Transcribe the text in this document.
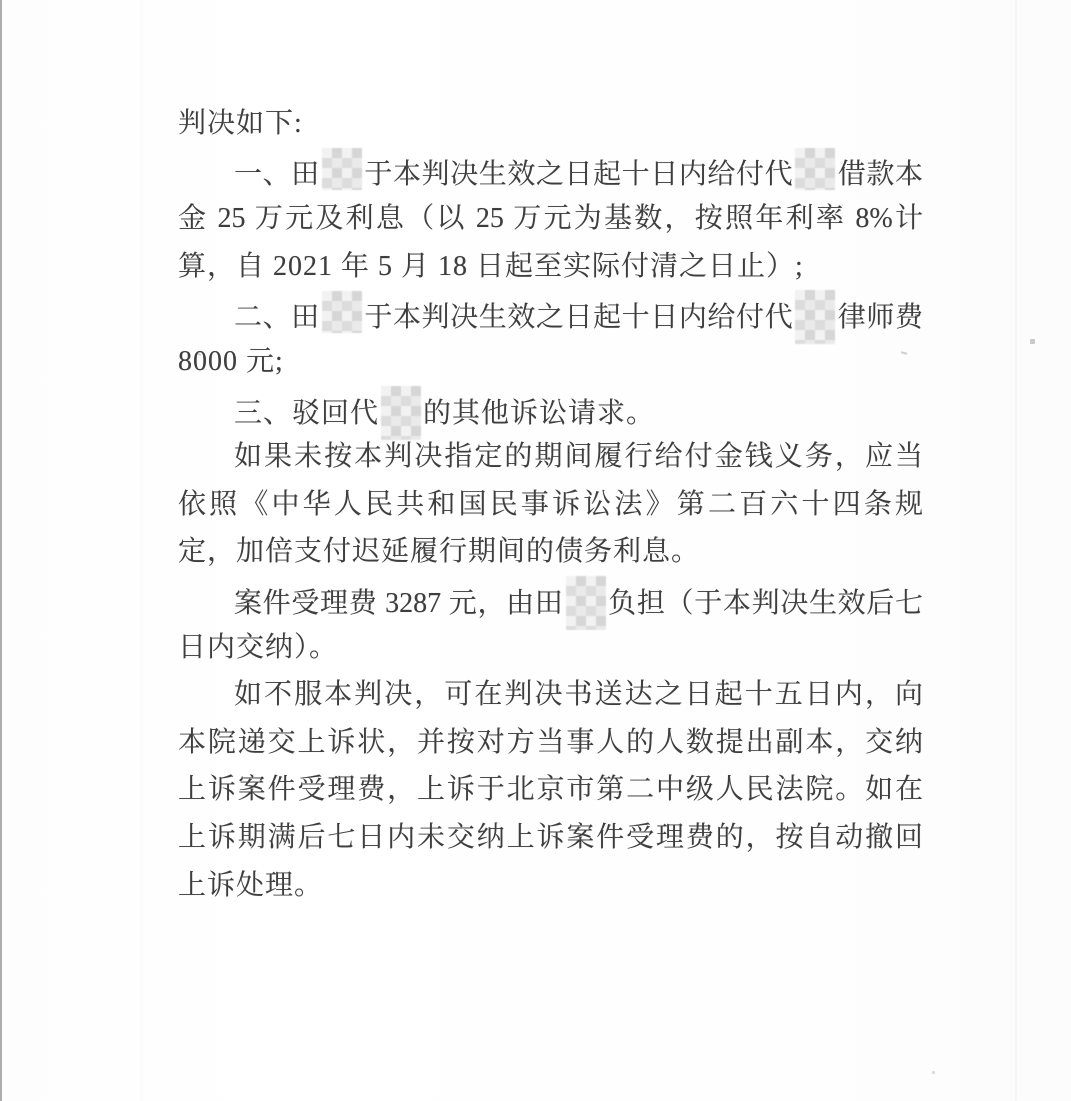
判决如下:
一、田 于本判决生效之日起十日内给付代 借款本
金 25 万元及利息（以 25 万元为基数，按照年利率 8%计
算，自 2021 年 5 月 18 日起至实际付清之日止）;
二、田 于本判决生效之日起十日内给付代 律师费
8000 元;
三、驳回代 的其他诉讼请求。
如果未按本判决指定的期间履行给付金钱义务，应当
依照《中华人民共和国民事诉讼法》第二百六十四条规
定，加倍支付迟延履行期间的债务利息。
案件受理费 3287 元，由田 负担（于本判决生效后七
日内交纳）。
如不服本判决，可在判决书送达之日起十五日内，向
本院递交上诉状，并按对方当事人的人数提出副本，交纳
上诉案件受理费，上诉于北京市第二中级人民法院。如在
上诉期满后七日内未交纳上诉案件受理费的，按自动撤回
上诉处理。
